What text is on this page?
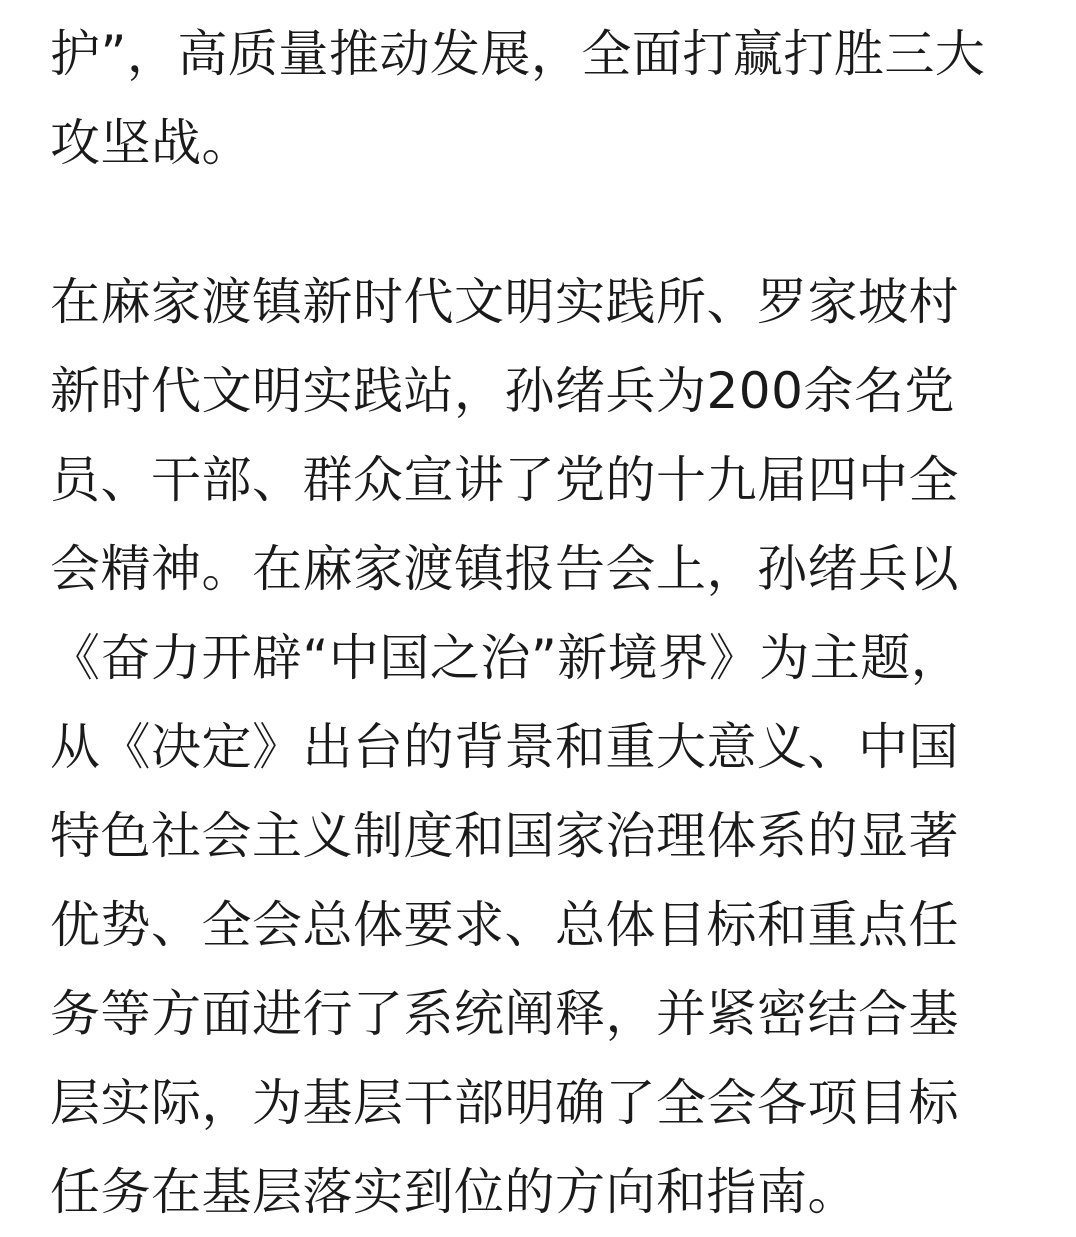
护”，高质量推动发展，全面打赢打胜三大
攻坚战。

在麻家渡镇新时代文明实践所、罗家坡村
新时代文明实践站，孙绪兵为200余名党
员、干部、群众宣讲了党的十九届四中全
会精神。在麻家渡镇报告会上，孙绪兵以
《奋力开辟“中国之治”新境界》为主题，
从《决定》出台的背景和重大意义、中国
特色社会主义制度和国家治理体系的显著
优势、全会总体要求、总体目标和重点任
务等方面进行了系统阐释，并紧密结合基
层实际，为基层干部明确了全会各项目标
任务在基层落实到位的方向和指南。
